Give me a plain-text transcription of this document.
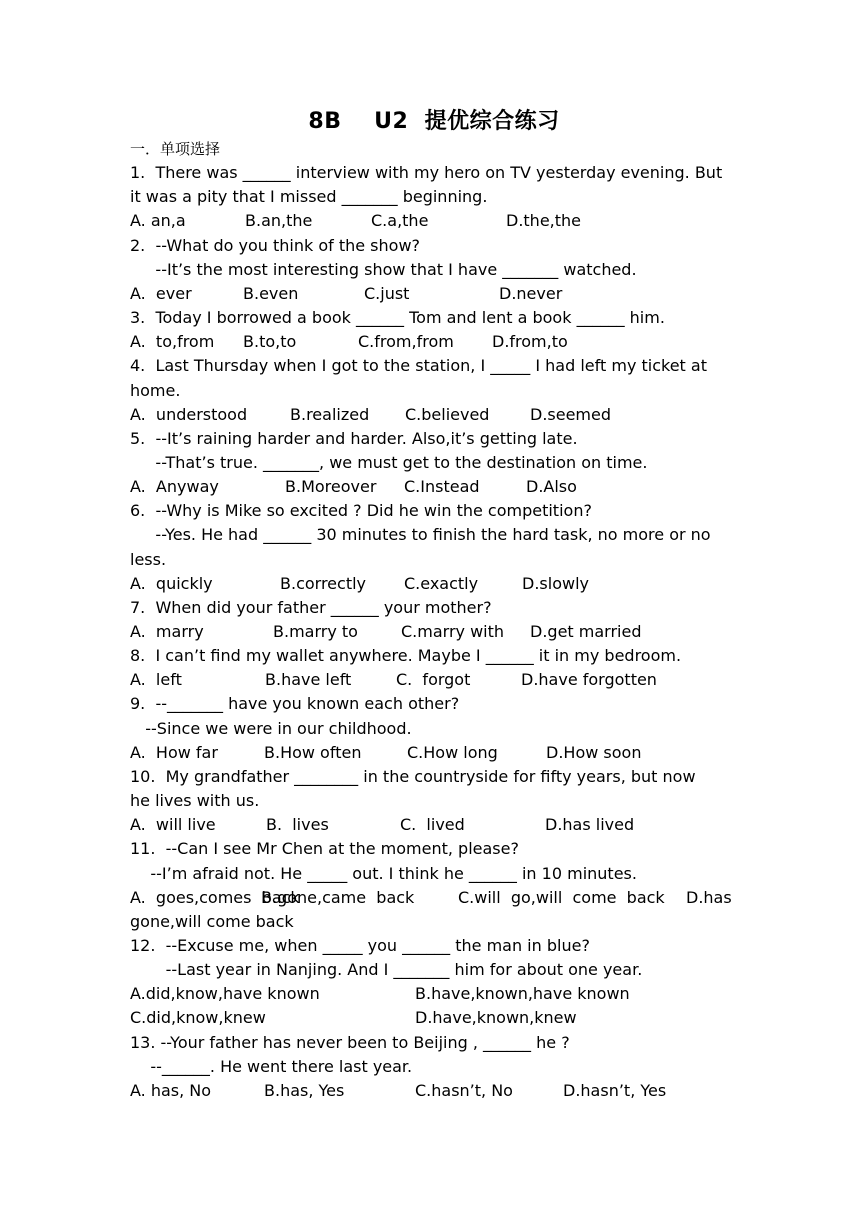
8B    U2  提优综合练习
一．单项选择
1.  There was ______ interview with my hero on TV yesterday evening. But
it was a pity that I missed _______ beginning.
A. an,a	B.an,the	C.a,the	D.the,the
2.  --What do you think of the show?
--It’s the most interesting show that I have _______ watched.
A.  ever	B.even	C.just	D.never
3.  Today I borrowed a book ______ Tom and lent a book ______ him.
A.  to,from B.to,to	C.from,from D.from,to
4.  Last Thursday when I got to the station, I _____ I had left my ticket at
home.
A.  understood	B.realized C.believed	D.seemed
5.  --It’s raining harder and harder. Also,it’s getting late.
--That’s true. _______, we must get to the destination on time.
A.  Anyway	B.Moreover C.Instead	D.Also
6.  --Why is Mike so excited ? Did he win the competition?
--Yes. He had ______ 30 minutes to finish the hard task, no more or no
less.
A.  quickly	B.correctly C.exactly	D.slowly
7.  When did your father ______ your mother?
A.  marry	B.marry to	C.marry with D.get married
8.  I can’t find my wallet anywhere. Maybe I ______ it in my bedroom.
A.  left	B.have left	C.  forgot	D.have forgotten
9.  --_______ have you known each other?
--Since we were in our childhood.
A.  How far	B.How often	C.How long	D.How soon
10.  My grandfather ________ in the countryside for fifty years, but now
he lives with us.
A.  will live	B.  lives	C.  lived	D.has lived
11.  --Can I see Mr Chen at the moment, please?
--I’m afraid not. He _____ out. I think he ______ in 10 minutes.
A.  goes,comes  back
B.gone,came  back	C.will  go,will  come  back D.has
gone,will come back
12.  --Excuse me, when _____ you ______ the man in blue?
--Last year in Nanjing. And I _______ him for about one year.
A.did,know,have known	B.have,known,have known
C.did,know,knew	D.have,known,knew
13. --Your father has never been to Beijing , ______ he ?
--______. He went there last year.
A. has, No	B.has, Yes	C.hasn’t, No	D.hasn’t, Yes
